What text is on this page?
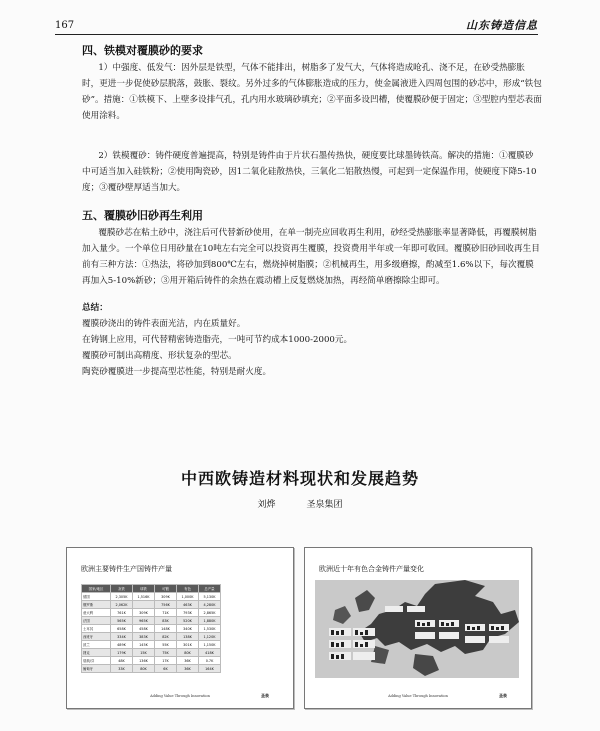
167	山东铸造信息
四、铁模对覆膜砂的要求
1）中强度、低发气：因外层是铁型，气体不能排出，树脂多了发气大，气体将造成呛孔、浇不足，在砂受热膨胀时，更进一步促使砂层脱落，鼓胀、裂纹。另外过多的气体膨胀造成的压力，使金属液进入四周包围的砂芯中，形成“铁包砂”。措施：①铁模下、上壁多设排气孔，孔内用水玻璃砂填充；②平面多设凹槽，使覆膜砂便于固定；③型腔内型芯表面使用涂料。
2）铁模覆砂：铸件硬度普遍提高，特别是铸件由于片状石墨传热快，硬度要比球墨铸铁高。解决的措施：①覆膜砂中可适当加入硅铁粉；②使用陶瓷砂，因1二氧化硅散热快，三氧化二铝散热慢，可起到一定保温作用，使硬度下降5-10度；③覆砂壁厚适当加大。
五、覆膜砂旧砂再生利用
覆膜砂芯在粘土砂中，浇注后可代替新砂使用，在单一制壳应回收再生利用，砂经受热膨胀率显著降低，再覆膜树脂加入量少。一个单位日用砂量在10吨左右完全可以投资再生覆膜，投资费用半年或一年即可收回。覆膜砂旧砂回收再生目前有三种方法：①热法，将砂加到800℃左右，燃烧掉树脂膜；②机械再生，用多级磨擦，酌减至1.6%以下，每次覆膜再加入5-10%新砂；③用开箱后铸件的余热在震动槽上反复燃烧加热，再经简单磨擦除尘即可。
总结：
覆膜砂浇出的铸件表面光洁，内在质量好。
在铸钢上应用，可代替精密铸造脂壳，一吨可节约成本1000-2000元。
覆膜砂可制出高精度、形状复杂的型芯。
陶瓷砂覆膜进一步提高型芯性能，特别是耐火度。
中西欧铸造材料现状和发展趋势
刘烨	圣泉集团
欧洲主要铸件生产国铸件产量
国家/地区	灰铁	球铁	可锻	有色	总产量
德国	2,305K	1,516K	309K	1,000K	5,130K
俄罗斯	2,062K		756K	463K	4,280K
意大利	761K	309K	71K	793K	2,865K
法国	565K	965K	83K	520K	1,880K
土耳其	658K	458K	148K	340K	1,530K
西班牙	334K	383K	82K	138K	1,120K
波兰	489K	145K	55K	301K	1,150K
捷克	179K	15K	75K	80K	418K
瑞典/芬	48K	136K	17K	36K	0.7K
葡萄牙	33K	80K	6K	36K	164K
Adding Value Through Innovation	圣泉
欧洲近十年有色合金铸件产量变化
Adding Value Through Innovation	圣泉
